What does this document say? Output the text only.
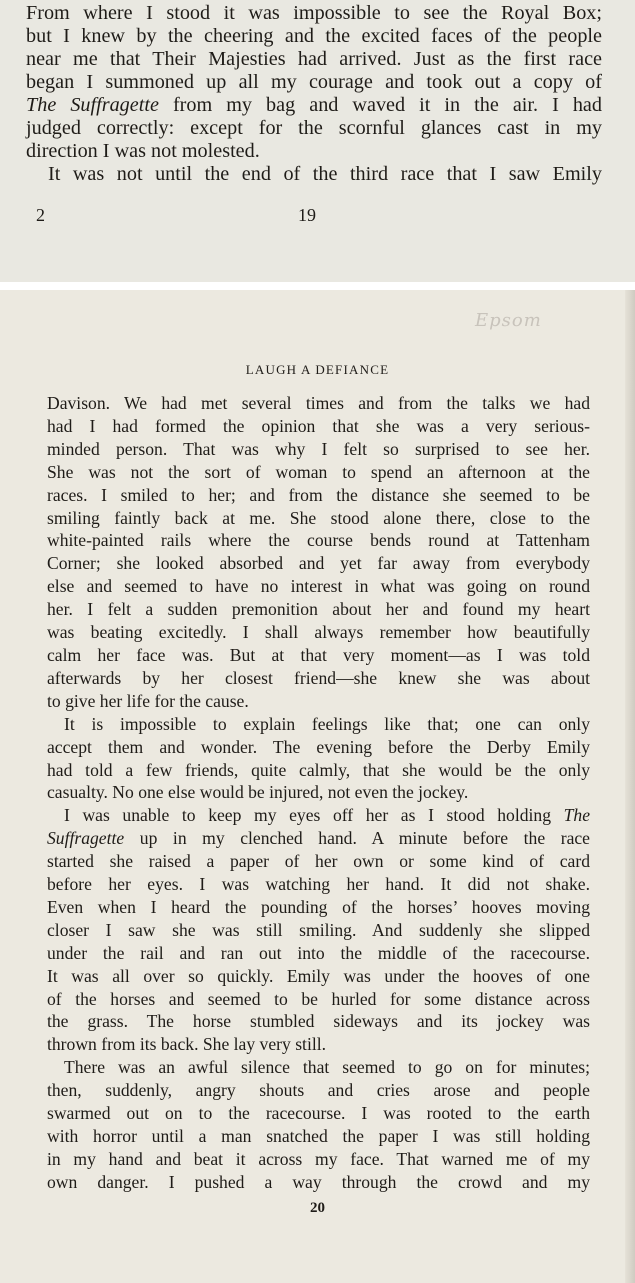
From where I stood it was impossible to see the Royal Box;
but I knew by the cheering and the excited faces of the people
near me that Their Majesties had arrived. Just as the first race
began I summoned up all my courage and took out a copy of
The Suffragette from my bag and waved it in the air. I had
judged correctly: except for the scornful glances cast in my
direction I was not molested.
It was not until the end of the third race that I saw Emily
2	19
Epsom
LAUGH A DEFIANCE
Davison. We had met several times and from the talks we had
had I had formed the opinion that she was a very serious-
minded person. That was why I felt so surprised to see her.
She was not the sort of woman to spend an afternoon at the
races. I smiled to her; and from the distance she seemed to be
smiling faintly back at me. She stood alone there, close to the
white-painted rails where the course bends round at Tattenham
Corner; she looked absorbed and yet far away from everybody
else and seemed to have no interest in what was going on round
her. I felt a sudden premonition about her and found my heart
was beating excitedly. I shall always remember how beautifully
calm her face was. But at that very moment—as I was told
afterwards by her closest friend—she knew she was about
to give her life for the cause.
It is impossible to explain feelings like that; one can only
accept them and wonder. The evening before the Derby Emily
had told a few friends, quite calmly, that she would be the only
casualty. No one else would be injured, not even the jockey.
I was unable to keep my eyes off her as I stood holding The
Suffragette up in my clenched hand. A minute before the race
started she raised a paper of her own or some kind of card
before her eyes. I was watching her hand. It did not shake.
Even when I heard the pounding of the horses’ hooves moving
closer I saw she was still smiling. And suddenly she slipped
under the rail and ran out into the middle of the racecourse.
It was all over so quickly. Emily was under the hooves of one
of the horses and seemed to be hurled for some distance across
the grass. The horse stumbled sideways and its jockey was
thrown from its back. She lay very still.
There was an awful silence that seemed to go on for minutes;
then, suddenly, angry shouts and cries arose and people
swarmed out on to the racecourse. I was rooted to the earth
with horror until a man snatched the paper I was still holding
in my hand and beat it across my face. That warned me of my
own danger. I pushed a way through the crowd and my
20
